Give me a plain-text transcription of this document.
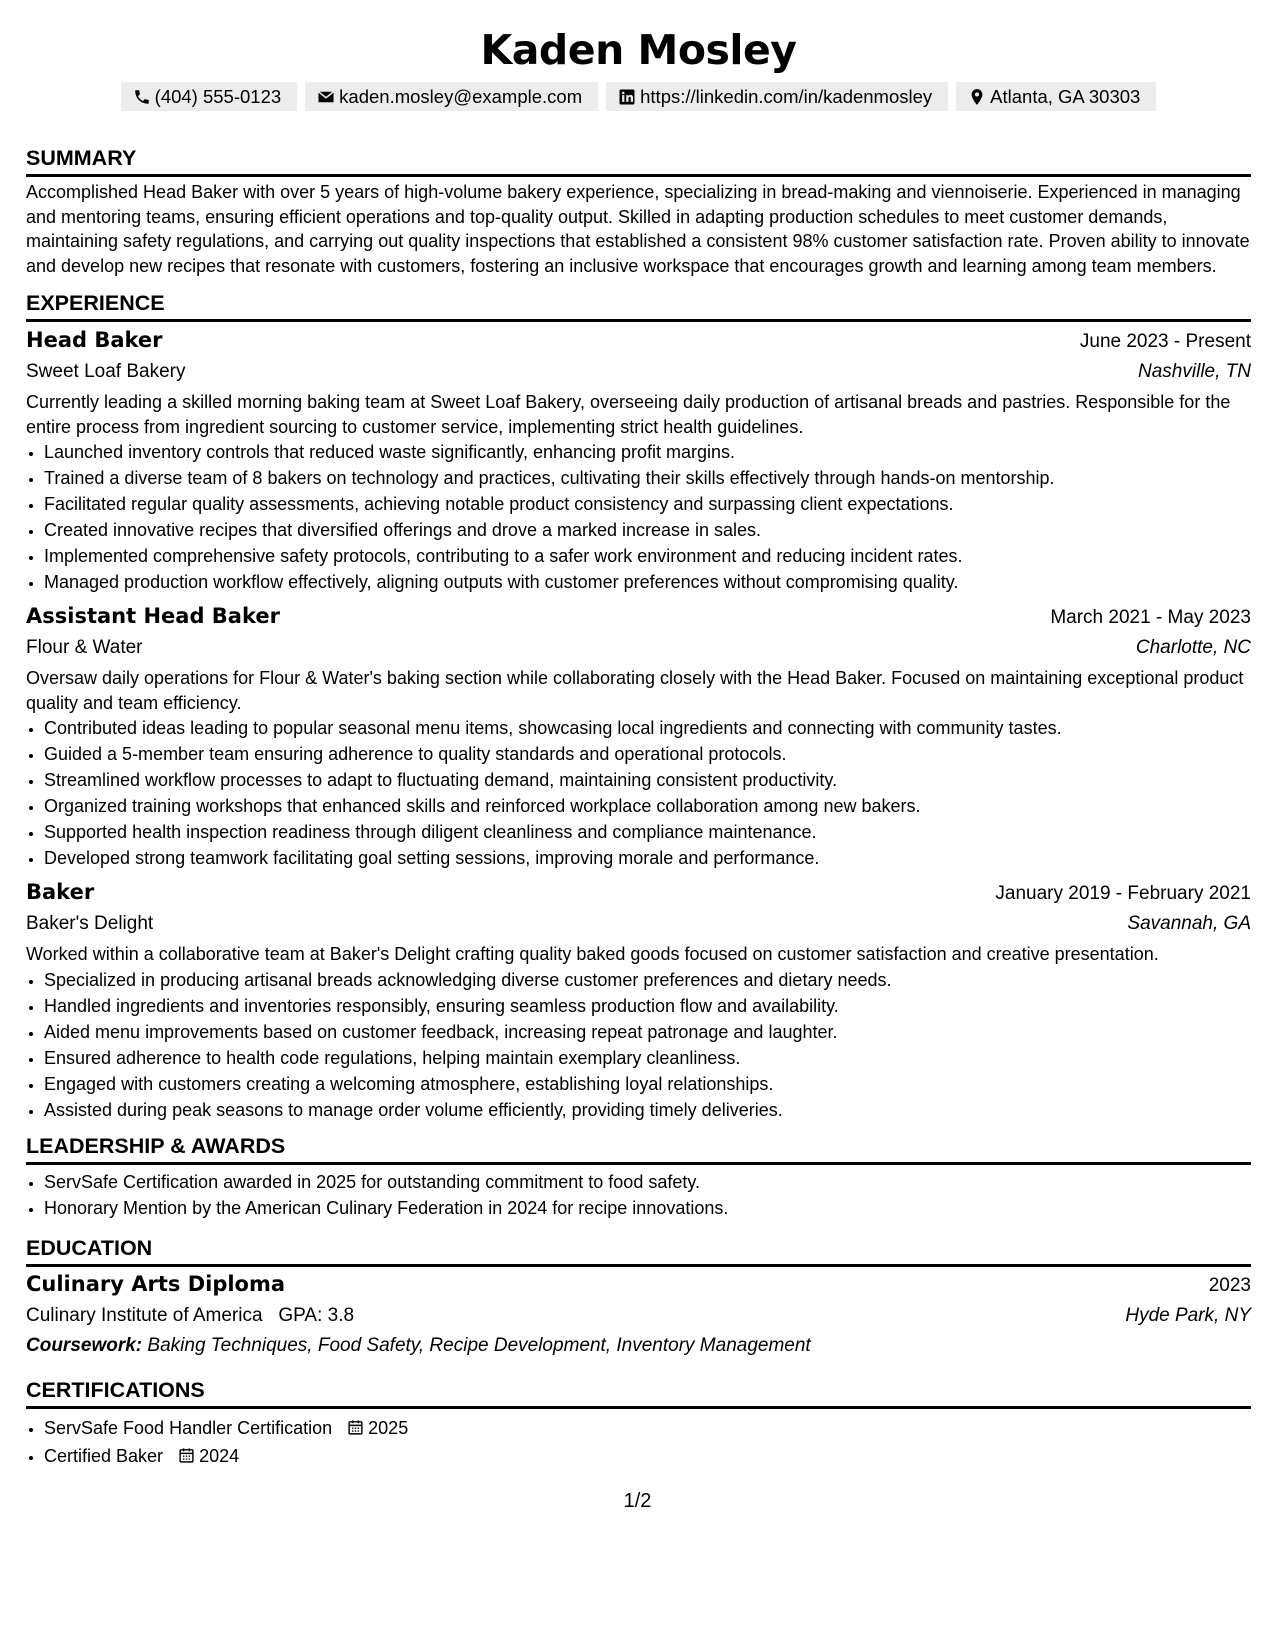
Kaden Mosley
(404) 555-0123	kaden.mosley@example.com	https://linkedin.com/in/kadenmosley	Atlanta, GA 30303
SUMMARY

Accomplished Head Baker with over 5 years of high-volume bakery experience, specializing in bread-making and viennoiserie. Experienced in managing and mentoring teams, ensuring efficient operations and top-quality output. Skilled in adapting production schedules to meet customer demands, maintaining safety regulations, and carrying out quality inspections that established a consistent 98% customer satisfaction rate. Proven ability to innovate and develop new recipes that resonate with customers, fostering an inclusive workspace that encourages growth and learning among team members.

EXPERIENCE
Head Baker	June 2023 - Present
Sweet Loaf Bakery	Nashville, TN

Currently leading a skilled morning baking team at Sweet Loaf Bakery, overseeing daily production of artisanal breads and pastries. Responsible for the entire process from ingredient sourcing to customer service, implementing strict health guidelines.

• Launched inventory controls that reduced waste significantly, enhancing profit margins.
• Trained a diverse team of 8 bakers on technology and practices, cultivating their skills effectively through hands-on mentorship.
• Facilitated regular quality assessments, achieving notable product consistency and surpassing client expectations.
• Created innovative recipes that diversified offerings and drove a marked increase in sales.
• Implemented comprehensive safety protocols, contributing to a safer work environment and reducing incident rates.
• Managed production workflow effectively, aligning outputs with customer preferences without compromising quality.
Assistant Head Baker	March 2021 - May 2023
Flour & Water	Charlotte, NC

Oversaw daily operations for Flour & Water's baking section while collaborating closely with the Head Baker. Focused on maintaining exceptional product quality and team efficiency.

• Contributed ideas leading to popular seasonal menu items, showcasing local ingredients and connecting with community tastes.
• Guided a 5-member team ensuring adherence to quality standards and operational protocols.
• Streamlined workflow processes to adapt to fluctuating demand, maintaining consistent productivity.
• Organized training workshops that enhanced skills and reinforced workplace collaboration among new bakers.
• Supported health inspection readiness through diligent cleanliness and compliance maintenance.
• Developed strong teamwork facilitating goal setting sessions, improving morale and performance.
Baker	January 2019 - February 2021
Baker's Delight	Savannah, GA

Worked within a collaborative team at Baker's Delight crafting quality baked goods focused on customer satisfaction and creative presentation.

• Specialized in producing artisanal breads acknowledging diverse customer preferences and dietary needs.
• Handled ingredients and inventories responsibly, ensuring seamless production flow and availability.
• Aided menu improvements based on customer feedback, increasing repeat patronage and laughter.
• Ensured adherence to health code regulations, helping maintain exemplary cleanliness.
• Engaged with customers creating a welcoming atmosphere, establishing loyal relationships.
• Assisted during peak seasons to manage order volume efficiently, providing timely deliveries.
LEADERSHIP & AWARDS
• ServSafe Certification awarded in 2025 for outstanding commitment to food safety.
• Honorary Mention by the American Culinary Federation in 2024 for recipe innovations.
EDUCATION
Culinary Arts Diploma	2023
Culinary Institute of America GPA: 3.8	Hyde Park, NY
Coursework: Baking Techniques, Food Safety, Recipe Development, Inventory Management
CERTIFICATIONS
• ServSafe Food Handler Certification 2025
• Certified Baker 2024
1/2
